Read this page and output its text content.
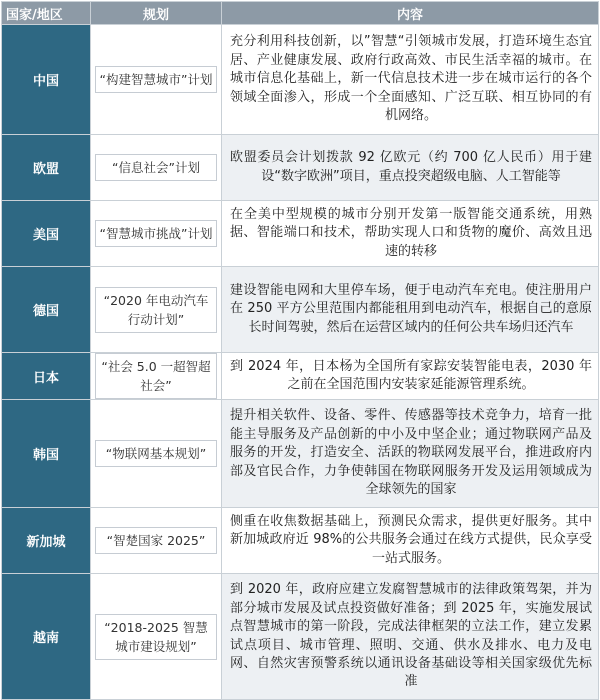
国家/地区	规划	内容
中国	“构建智慧城市”计划	充分利用科技创新，以”智慧“引领城市发展，打造环境生态宜居、产业健康发展、政府行政高效、市民生活幸福的城市。在城市信息化基础上，新一代信息技术进一步在城市运行的各个领域全面渗入，形成一个全面感知、广泛互联、相互协同的有机网络。
欧盟	“信息社会”计划	欧盟委员会计划拨款 92 亿欧元（约 700 亿人民币）用于建设“数字欧洲”项目，重点投突超级电脑、人工智能等
美国	“智慧城市挑战”计划	在全美中型规模的城市分别开发第一版智能交通系统，用熟据、智能端口和技术，帮助实现人口和货物的魔价、高效且迅速的转移
德国	“2020 年电动汽车行动计划”	建设智能电网和大里停车场，便于电动汽车充电。使注册用户在 250 平方公里范围内都能租用到电动汽车，根据自己的意原长时间驾驶，然后在运营区域内的任何公共车场归还汽车
日本	“社会 5.0 一超智超社会”	到 2024 年，日本杨为全国所有家踪安装智能电表，2030 年之前在全国范围内安装家延能源管理系统。
韩国	“物联网基本规划”	提升相关软件、设备、零件、传感器等技术竞争力，培育一批能主导服务及产品创新的中小及中坚企业；通过物联网产品及服务的开发，打造安全、活跃的物联网发展平台，推进政府内部及官民合作，力争使韩国在物联网服务开发及运用领域成为全球领先的国家
新加城	“智楚国家 2025”	侧重在收焦数据基础上，预测民众需求，提供更好服务。其中新加城政府近 98%的公共服务会通过在线方式提供，民众享受一站式服务。
越南	“2018-2025 智慧城市建设规划”	到 2020 年，政府应建立发腐智慧城市的法律政策驾架，并为部分城市发展及试点投资做好准备；到 2025 年，实施发展试点智慧城市的第一阶段，完成法律框架的立法工作，建立发累试点项目、城市管理、照明、交通、供水及排水、电力及电网、自然灾害预警系统以通讯设备基础设等相关国家级优先标准
